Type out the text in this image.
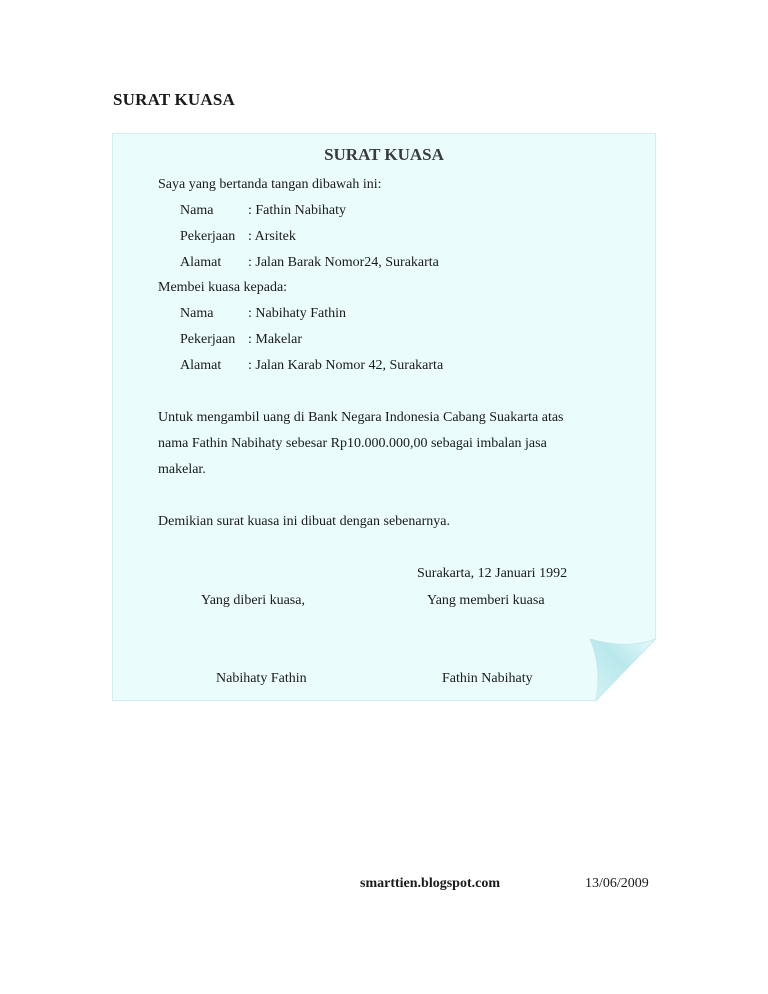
SURAT KUASA
SURAT KUASA
Saya yang bertanda tangan dibawah ini:
Nama : Fathin Nabihaty
Pekerjaan : Arsitek
Alamat : Jalan Barak Nomor24, Surakarta
Membei kuasa kepada:
Nama : Nabihaty Fathin
Pekerjaan : Makelar
Alamat : Jalan Karab Nomor 42, Surakarta
Untuk mengambil uang di Bank Negara Indonesia Cabang Suakarta atas
nama Fathin Nabihaty sebesar Rp10.000.000,00 sebagai imbalan jasa
makelar.
Demikian surat kuasa ini dibuat dengan sebenarnya.
Surakarta, 12 Januari 1992
Yang diberi kuasa,	Yang memberi kuasa
Nabihaty Fathin	Fathin Nabihaty
smarttien.blogspot.com	13/06/2009
